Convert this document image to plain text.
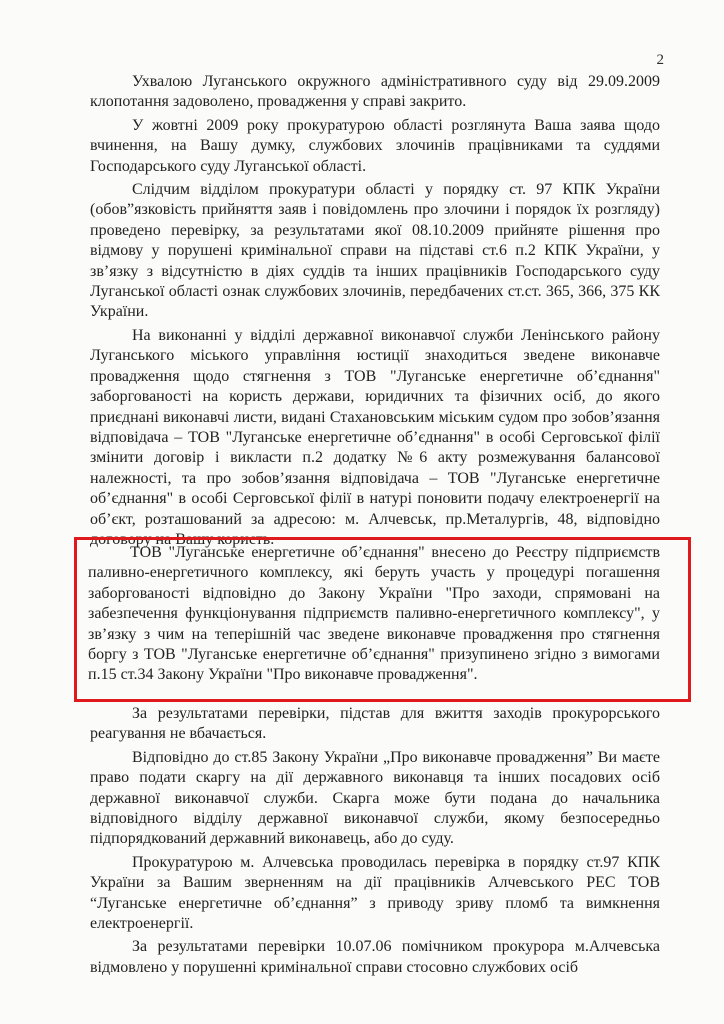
2

Ухвалою Луганського окружного адміністративного суду від 29.09.2009 клопотання задоволено, провадження у справі закрито.

У жовтні 2009 року прокуратурою області розглянута Ваша заява щодо вчинення, на Вашу думку, службових злочинів працівниками та суддями Господарського суду Луганської області.

Слідчим відділом прокуратури області у порядку ст. 97 КПК України (обов”язковість прийняття заяв і повідомлень про злочини і порядок їх розгляду) проведено перевірку, за результатами якої 08.10.2009 прийняте рішення про відмову у порушені кримінальної справи на підставі ст.6 п.2 КПК України, у зв’язку з відсутністю в діях суддів та інших працівників Господарського суду Луганської області ознак службових злочинів, передбачених ст.ст. 365, 366, 375 КК України.

На виконанні у відділі державної виконавчої служби Ленінського району Луганського міського управління юстиції знаходиться зведене виконавче провадження щодо стягнення з ТОВ "Луганське енергетичне об’єднання" заборгованості на користь держави, юридичних та фізичних осіб, до якого приєднані виконавчі листи, видані Стахановським міським судом про зобов’язання відповідача – ТОВ "Луганське енергетичне об’єднання" в особі Серговської філії змінити договір і викласти п.2 додатку №6 акту розмежування балансової належності, та про зобов’язання відповідача – ТОВ "Луганське енергетичне об’єднання" в особі Серговської філії в натурі поновити подачу електроенергії на об’єкт, розташований за адресою: м. Алчевськ, пр.Металургів, 48, відповідно договору на Вашу користь.

ТОВ "Луганське енергетичне об’єднання" внесено до Реєстру підприємств паливно-енергетичного комплексу, які беруть участь у процедурі погашення заборгованості відповідно до Закону України "Про заходи, спрямовані на забезпечення функціонування підприємств паливно-енергетичного комплексу", у зв’язку з чим на теперішній час зведене виконавче провадження про стягнення боргу з ТОВ "Луганське енергетичне об’єднання" призупинено згідно з вимогами п.15 ст.34 Закону України "Про виконавче провадження".

За результатами перевірки, підстав для вжиття заходів прокурорського реагування не вбачається.

Відповідно до ст.85 Закону України „Про виконавче провадження” Ви маєте право подати скаргу на дії державного виконавця та інших посадових осіб державної виконавчої служби. Скарга може бути подана до начальника відповідного відділу державної виконавчої служби, якому безпосередньо підпорядкований державний виконавець, або до суду.

Прокуратурою м. Алчевська проводилась перевірка в порядку ст.97 КПК України за Вашим зверненням на дії працівників Алчевського РЕС ТОВ “Луганське енергетичне об’єднання” з приводу зриву пломб та вимкнення електроенергії.

За результатами перевірки 10.07.06 помічником прокурора м.Алчевська відмовлено у порушенні кримінальної справи стосовно службових осіб
